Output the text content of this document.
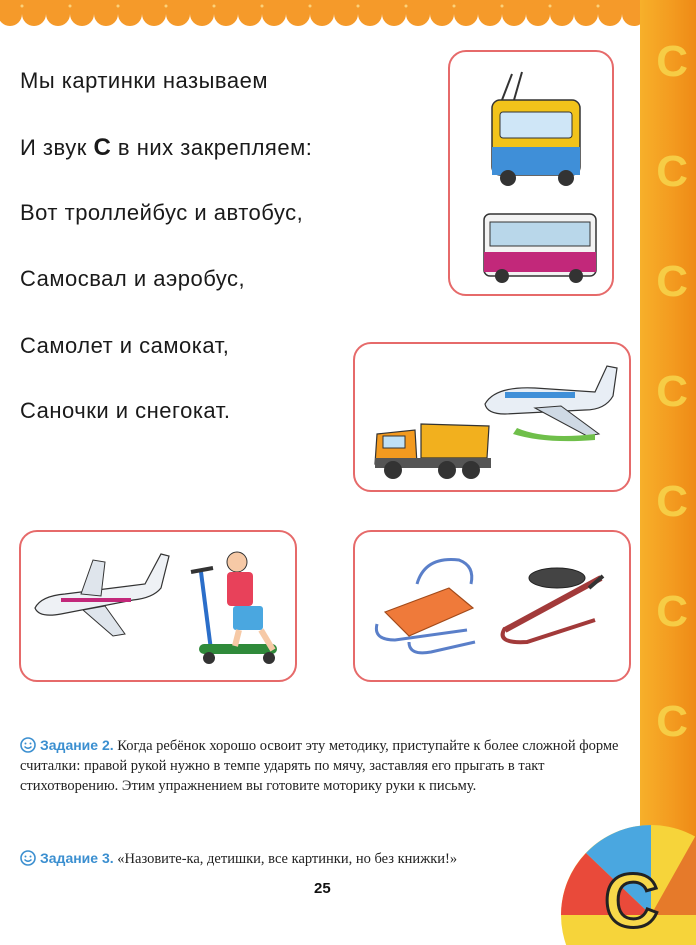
С
С
С
С
С
С
С
Мы картинки называем
И звук С в них закрепляем:
Вот троллейбус и автобус,
Самосвал и аэробус,
Самолет и самокат,
Саночки и снегокат.
Задание 2. Когда ребёнок хорошо освоит эту методику, приступайте к более сложной форме считалки: правой рукой нужно в темпе ударять по мячу, заставляя его прыгать в такт стихотворению. Этим упражнением вы готовите моторику руки к письму.
Задание 3. «Назовите-ка, детишки, все картинки, но без книжки!»
25	С
